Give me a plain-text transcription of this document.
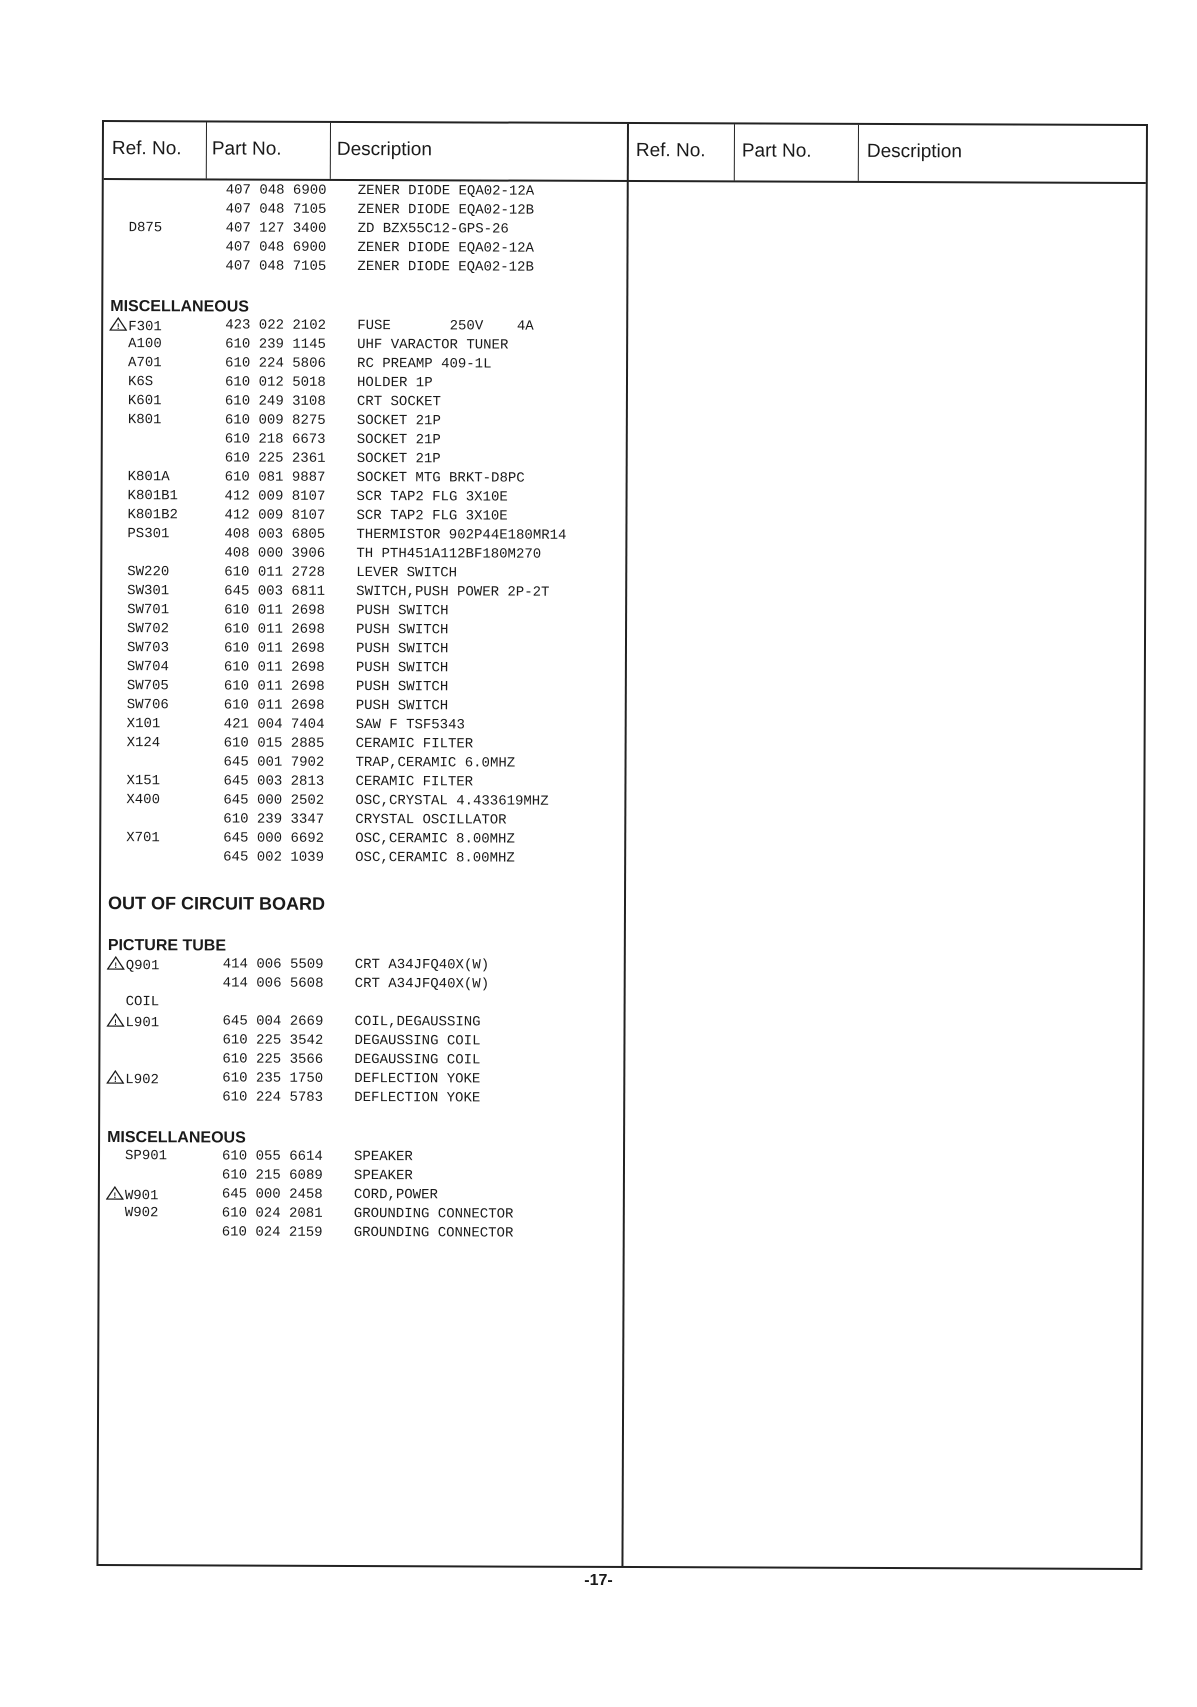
Ref. No. Part No.	Description	Ref. No. Part No.	Description
407 048 6900 ZENER DIODE EQA02-12A
407 048 7105 ZENER DIODE EQA02-12B
D875	407 127 3400 ZD BZX55C12-GPS-26
407 048 6900 ZENER DIODE EQA02-12A
407 048 7105 ZENER DIODE EQA02-12B
MISCELLANEOUS
! F301	423 022 2102 FUSE       250V    4A
A100	610 239 1145 UHF VARACTOR TUNER
A701	610 224 5806 RC PREAMP 409-1L
K6S	610 012 5018 HOLDER 1P
K601	610 249 3108 CRT SOCKET
K801	610 009 8275 SOCKET 21P
610 218 6673 SOCKET 21P
610 225 2361 SOCKET 21P
K801A	610 081 9887 SOCKET MTG BRKT-D8PC
K801B1	412 009 8107 SCR TAP2 FLG 3X10E
K801B2	412 009 8107 SCR TAP2 FLG 3X10E
PS301	408 003 6805 THERMISTOR 902P44E180MR14
408 000 3906 TH PTH451A112BF180M270
SW220	610 011 2728 LEVER SWITCH
SW301	645 003 6811 SWITCH,PUSH POWER 2P-2T
SW701	610 011 2698 PUSH SWITCH
SW702	610 011 2698 PUSH SWITCH
SW703	610 011 2698 PUSH SWITCH
SW704	610 011 2698 PUSH SWITCH
SW705	610 011 2698 PUSH SWITCH
SW706	610 011 2698 PUSH SWITCH
X101	421 004 7404 SAW F TSF5343
X124	610 015 2885 CERAMIC FILTER
645 001 7902 TRAP,CERAMIC 6.0MHZ
X151	645 003 2813 CERAMIC FILTER
X400	645 000 2502 OSC,CRYSTAL 4.433619MHZ
610 239 3347 CRYSTAL OSCILLATOR
X701	645 000 6692 OSC,CERAMIC 8.00MHZ
645 002 1039 OSC,CERAMIC 8.00MHZ
OUT OF CIRCUIT BOARD
PICTURE TUBE
! Q901	414 006 5509 CRT A34JFQ40X(W)
414 006 5608 CRT A34JFQ40X(W)
COIL
! L901	645 004 2669 COIL,DEGAUSSING
610 225 3542 DEGAUSSING COIL
610 225 3566 DEGAUSSING COIL
! L902	610 235 1750 DEFLECTION YOKE
610 224 5783 DEFLECTION YOKE
MISCELLANEOUS
SP901	610 055 6614 SPEAKER
610 215 6089 SPEAKER
! W901	645 000 2458 CORD,POWER
W902	610 024 2081 GROUNDING CONNECTOR
610 024 2159 GROUNDING CONNECTOR
-17-
